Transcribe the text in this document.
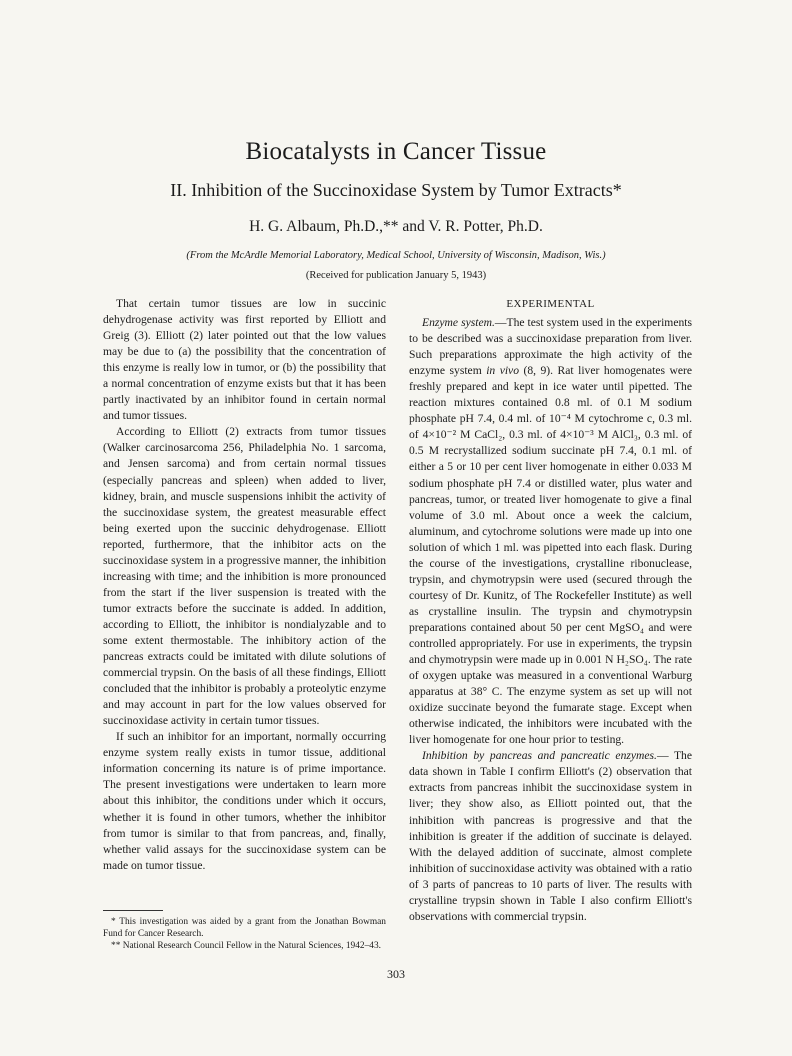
Biocatalysts in Cancer Tissue
II. Inhibition of the Succinoxidase System by Tumor Extracts*
H. G. Albaum, Ph.D.,** and V. R. Potter, Ph.D.
(From the McArdle Memorial Laboratory, Medical School, University of Wisconsin, Madison, Wis.)
(Received for publication January 5, 1943)

That certain tumor tissues are low in succinic dehydrogenase activity was first reported by Elliott and Greig (3). Elliott (2) later pointed out that the low values may be due to (a) the possibility that the concentration of this enzyme is really low in tumor, or (b) the possibility that a normal concentration of enzyme exists but that it has been partly inactivated by an inhibitor found in certain normal and tumor tissues.

According to Elliott (2) extracts from tumor tissues (Walker carcinosarcoma 256, Philadelphia No. 1 sarcoma, and Jensen sarcoma) and from certain normal tissues (especially pancreas and spleen) when added to liver, kidney, brain, and muscle suspensions inhibit the activity of the succinoxidase system, the greatest measurable effect being exerted upon the succinic dehydrogenase. Elliott reported, furthermore, that the inhibitor acts on the succinoxidase system in a progressive manner, the inhibition increasing with time; and the inhibition is more pronounced from the start if the liver suspension is treated with the tumor extracts before the succinate is added. In addition, according to Elliott, the inhibitor is nondialyzable and to some extent thermostable. The inhibitory action of the pancreas extracts could be imitated with dilute solutions of commercial trypsin. On the basis of all these findings, Elliott concluded that the inhibitor is probably a proteolytic enzyme and may account in part for the low values observed for succinoxidase activity in certain tumor tissues.

If such an inhibitor for an important, normally occurring enzyme system really exists in tumor tissue, additional information concerning its nature is of prime importance. The present investigations were undertaken to learn more about this inhibitor, the conditions under which it occurs, whether it is found in other tumors, whether the inhibitor from tumor is similar to that from pancreas, and, finally, whether valid assays for the succinoxidase system can be made on tumor tissue.

EXPERIMENTAL

Enzyme system.—The test system used in the experiments to be described was a succinoxidase preparation from liver. Such preparations approximate the high activity of the enzyme system in vivo (8, 9). Rat liver homogenates were freshly prepared and kept in ice water until pipetted. The reaction mixtures contained 0.8 ml. of 0.1 M sodium phosphate pH 7.4, 0.4 ml. of 10⁻⁴ M cytochrome c, 0.3 ml. of 4×10⁻² M CaCl₂, 0.3 ml. of 4×10⁻³ M AlCl₃, 0.3 ml. of 0.5 M recrystallized sodium succinate pH 7.4, 0.1 ml. of either a 5 or 10 per cent liver homogenate in either 0.033 M sodium phosphate pH 7.4 or distilled water, plus water and pancreas, tumor, or treated liver homogenate to give a final volume of 3.0 ml. About once a week the calcium, aluminum, and cytochrome solutions were made up into one solution of which 1 ml. was pipetted into each flask. During the course of the investigations, crystalline ribonuclease, trypsin, and chymotrypsin were used (secured through the courtesy of Dr. Kunitz, of The Rockefeller Institute) as well as crystalline insulin. The trypsin and chymotrypsin preparations contained about 50 per cent MgSO₄ and were controlled appropriately. For use in experiments, the trypsin and chymotrypsin were made up in 0.001 N H₂SO₄. The rate of oxygen uptake was measured in a conventional Warburg apparatus at 38° C. The enzyme system as set up will not oxidize succinate beyond the fumarate stage. Except when otherwise indicated, the inhibitors were incubated with the liver homogenate for one hour prior to testing.

Inhibition by pancreas and pancreatic enzymes.— The data shown in Table I confirm Elliott's (2) observation that extracts from pancreas inhibit the succinoxidase system in liver; they show also, as Elliott pointed out, that the inhibition with pancreas is progressive and that the inhibition is greater if the addition of succinate is delayed. With the delayed addition of succinate, almost complete inhibition of succinoxidase activity was obtained with a ratio of 3 parts of pancreas to 10 parts of liver. The results with crystalline trypsin shown in Table I also confirm Elliott's observations with commercial trypsin.

* This investigation was aided by a grant from the Jonathan Bowman Fund for Cancer Research.

** National Research Council Fellow in the Natural Sciences, 1942–43.

303
